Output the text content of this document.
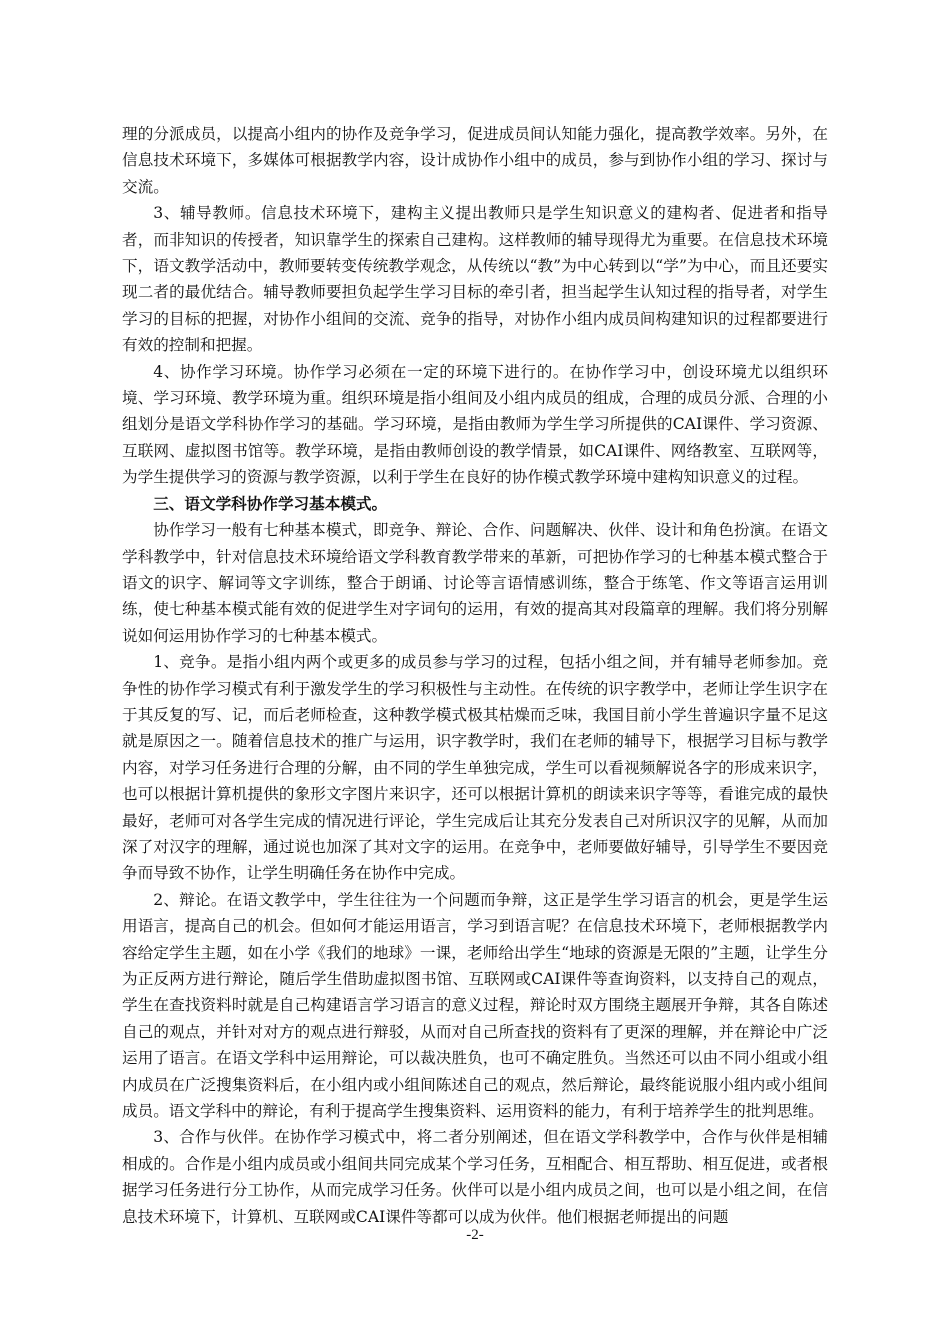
理的分派成员，以提高小组内的协作及竞争学习，促进成员间认知能力强化，提高教学效率。另外，在信息技术环境下，多媒体可根据教学内容，设计成协作小组中的成员，参与到协作小组的学习、探讨与交流。

3、辅导教师。信息技术环境下，建构主义提出教师只是学生知识意义的建构者、促进者和指导者，而非知识的传授者，知识靠学生的探索自己建构。这样教师的辅导现得尤为重要。在信息技术环境下，语文教学活动中，教师要转变传统教学观念，从传统以“教”为中心转到以“学”为中心，而且还要实现二者的最优结合。辅导教师要担负起学生学习目标的牵引者，担当起学生认知过程的指导者，对学生学习的目标的把握，对协作小组间的交流、竞争的指导，对协作小组内成员间构建知识的过程都要进行有效的控制和把握。

4、协作学习环境。协作学习必须在一定的环境下进行的。在协作学习中，创设环境尤以组织环境、学习环境、教学环境为重。组织环境是指小组间及小组内成员的组成，合理的成员分派、合理的小组划分是语文学科协作学习的基础。学习环境，是指由教师为学生学习所提供的CAI课件、学习资源、互联网、虚拟图书馆等。教学环境，是指由教师创设的教学情景，如CAI课件、网络教室、互联网等，为学生提供学习的资源与教学资源，以利于学生在良好的协作模式教学环境中建构知识意义的过程。

三、语文学科协作学习基本模式。

协作学习一般有七种基本模式，即竞争、辩论、合作、问题解决、伙伴、设计和角色扮演。在语文学科教学中，针对信息技术环境给语文学科教育教学带来的革新，可把协作学习的七种基本模式整合于语文的识字、解词等文字训练，整合于朗诵、讨论等言语情感训练，整合于练笔、作文等语言运用训练，使七种基本模式能有效的促进学生对字词句的运用，有效的提高其对段篇章的理解。我们将分别解说如何运用协作学习的七种基本模式。

1、竞争。是指小组内两个或更多的成员参与学习的过程，包括小组之间，并有辅导老师参加。竞争性的协作学习模式有利于激发学生的学习积极性与主动性。在传统的识字教学中，老师让学生识字在于其反复的写、记，而后老师检查，这种教学模式极其枯燥而乏味，我国目前小学生普遍识字量不足这就是原因之一。随着信息技术的推广与运用，识字教学时，我们在老师的辅导下，根据学习目标与教学内容，对学习任务进行合理的分解，由不同的学生单独完成，学生可以看视频解说各字的形成来识字，也可以根据计算机提供的象形文字图片来识字，还可以根据计算机的朗读来识字等等，看谁完成的最快最好，老师可对各学生完成的情况进行评论，学生完成后让其充分发表自己对所识汉字的见解，从而加深了对汉字的理解，通过说也加深了其对文字的运用。在竞争中，老师要做好辅导，引导学生不要因竞争而导致不协作，让学生明确任务在协作中完成。

2、辩论。在语文教学中，学生往往为一个问题而争辩，这正是学生学习语言的机会，更是学生运用语言，提高自己的机会。但如何才能运用语言，学习到语言呢？在信息技术环境下，老师根据教学内容给定学生主题，如在小学《我们的地球》一课，老师给出学生“地球的资源是无限的”主题，让学生分为正反两方进行辩论，随后学生借助虚拟图书馆、互联网或CAI课件等查询资料，以支持自己的观点，学生在查找资料时就是自己构建语言学习语言的意义过程，辩论时双方围绕主题展开争辩，其各自陈述自己的观点，并针对对方的观点进行辩驳，从而对自己所查找的资料有了更深的理解，并在辩论中广泛运用了语言。在语文学科中运用辩论，可以裁决胜负，也可不确定胜负。当然还可以由不同小组或小组内成员在广泛搜集资料后，在小组内或小组间陈述自己的观点，然后辩论，最终能说服小组内或小组间成员。语文学科中的辩论，有利于提高学生搜集资料、运用资料的能力，有利于培养学生的批判思维。

3、合作与伙伴。在协作学习模式中，将二者分别阐述，但在语文学科教学中，合作与伙伴是相辅相成的。合作是小组内成员或小组间共同完成某个学习任务，互相配合、相互帮助、相互促进，或者根据学习任务进行分工协作，从而完成学习任务。伙伴可以是小组内成员之间，也可以是小组之间，在信息技术环境下，计算机、互联网或CAI课件等都可以成为伙伴。他们根据老师提出的问题

-2-
